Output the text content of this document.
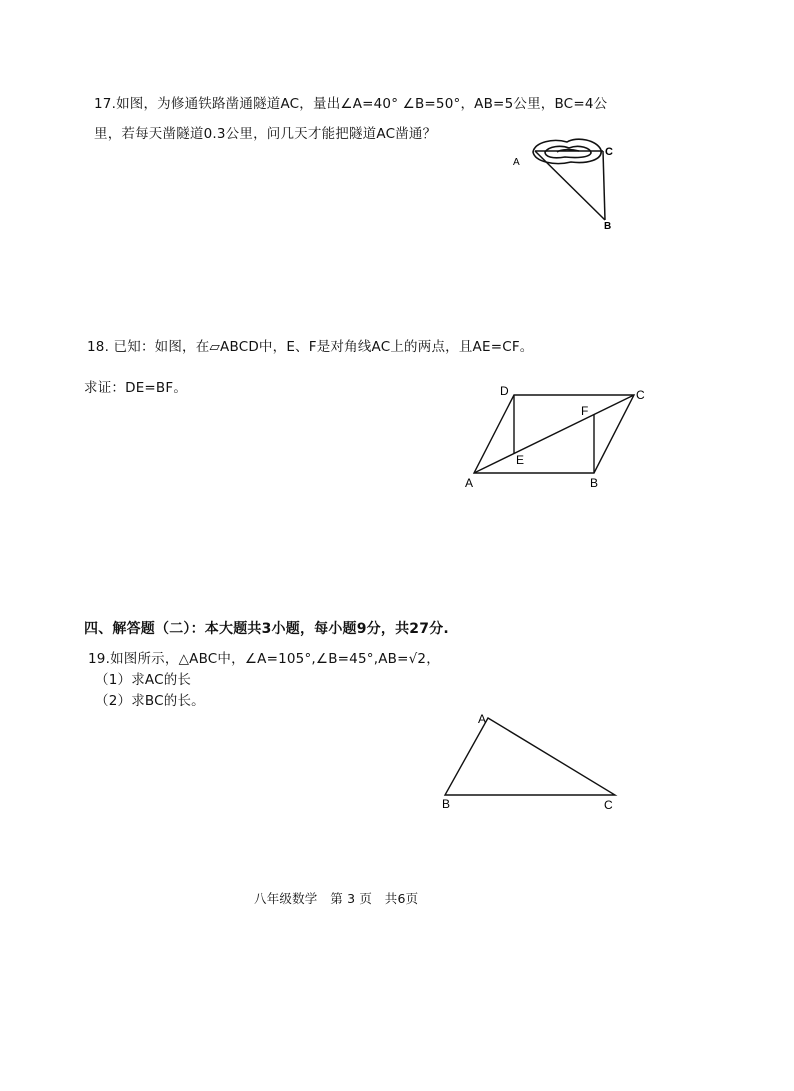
17.如图，为修通铁路凿通隧道AC，量出∠A=40° ∠B=50°，AB=5公里，BC=4公
里，若每天凿隧道0.3公里，问几天才能把隧道AC凿通？
A
C
B
18. 已知：如图，在▱ABCD中，E、F是对角线AC上的两点，且AE=CF。
求证：DE=BF。	D	C
F
E
A	B
四、解答题（二）：本大题共3小题，每小题9分，共27分.
19.如图所示，△ABC中，∠A=105°,∠B=45°,AB=√2，
（1）求AC的长
（2）求BC的长。
A
B	C
八年级数学　第 3 页　共6页
